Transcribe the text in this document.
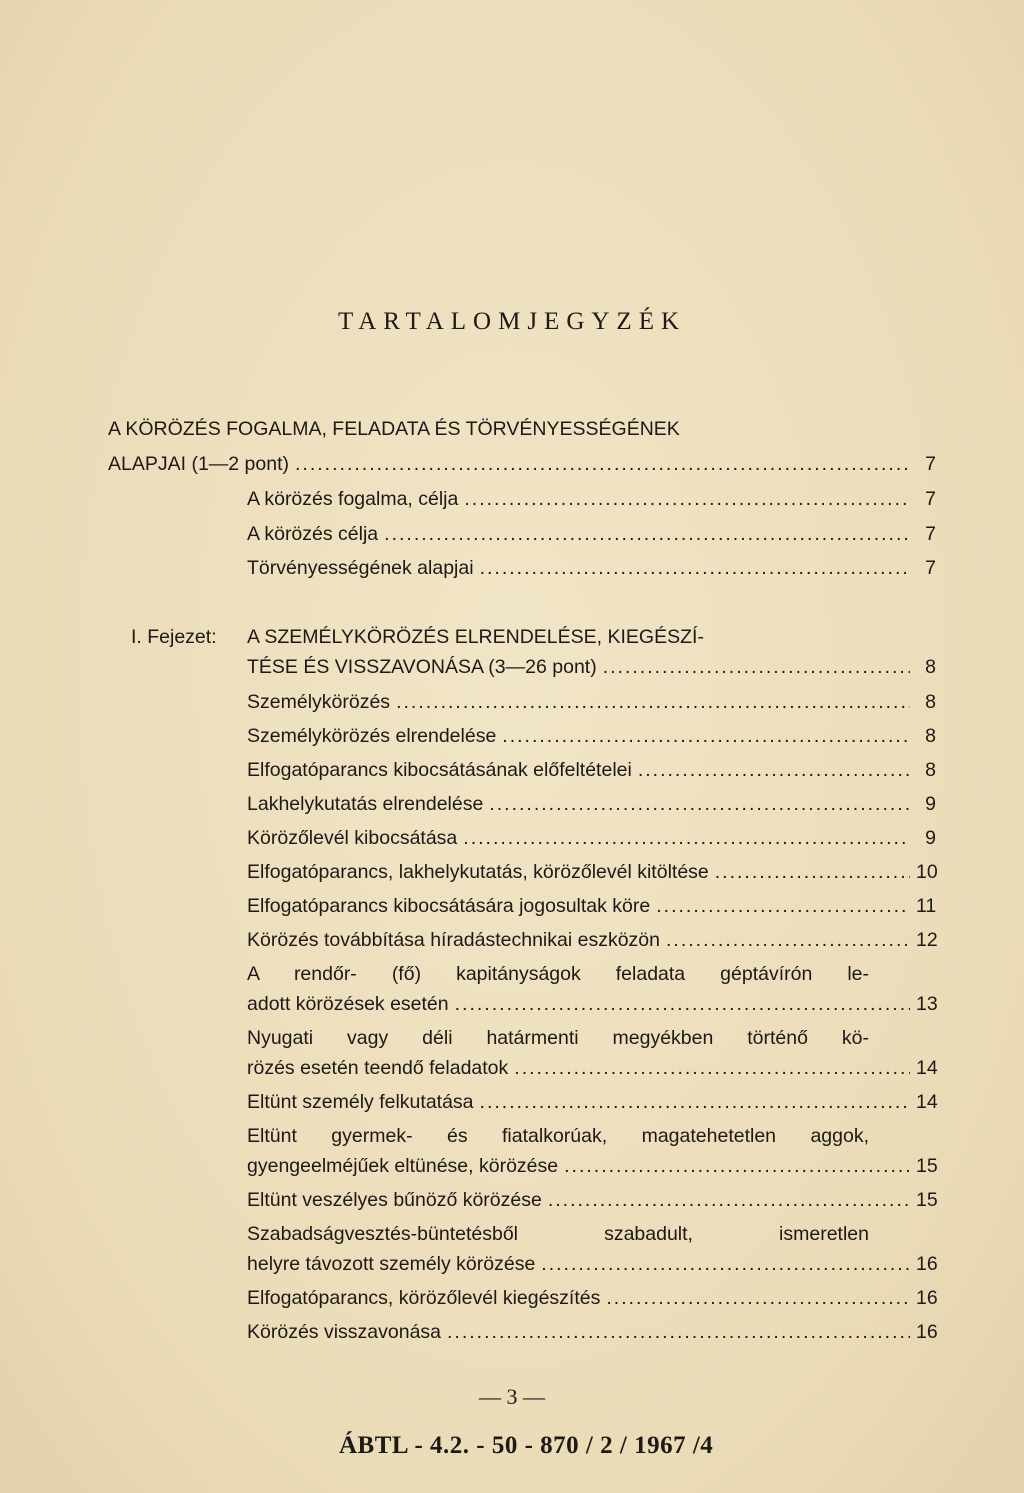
TARTALOMJEGYZÉK
A KÖRÖZÉS FOGALMA, FELADATA ÉS TÖRVÉNYESSÉGÉNEK
ALAPJAI (1—2 pont) .....	7
A körözés fogalma, célja .....	7
A körözés célja .....	7
Törvényességének alapjai .....	7
I. Fejezet: A SZEMÉLYKÖRÖZÉS ELRENDELÉSE, KIEGÉSZÍ-
TÉSE ÉS VISSZAVONÁSA (3—26 pont) .....	8
Személykörözés .....	8
Személykörözés elrendelése .....	8
Elfogatóparancs kibocsátásának előfeltételei .....	8
Lakhelykutatás elrendelése .....	9
Körözőlevél kibocsátása .....	9
Elfogatóparancs, lakhelykutatás, körözőlevél kitöltése .....	10
Elfogatóparancs kibocsátására jogosultak köre .....	11
Körözés továbbítása híradástechnikai eszközön .....	12
A rendőr- (fő) kapitányságok feladata géptávírón le-
adott körözések esetén .....	13
Nyugati vagy déli határmenti megyékben történő kö-
rözés esetén teendő feladatok .....	14
Eltünt személy felkutatása .....	14
Eltünt gyermek- és fiatalkorúak, magatehetetlen aggok,
gyengeelméjűek eltünése, körözése .....	15
Eltünt veszélyes bűnöző körözése .....	15
Szabadságvesztés-büntetésből szabadult, ismeretlen
helyre távozott személy körözése .....	16
Elfogatóparancs, körözőlevél kiegészítés .....	16
Körözés visszavonása .....	16
— 3 —
ÁBTL - 4.2. - 50 - 870 / 2 / 1967 /4
